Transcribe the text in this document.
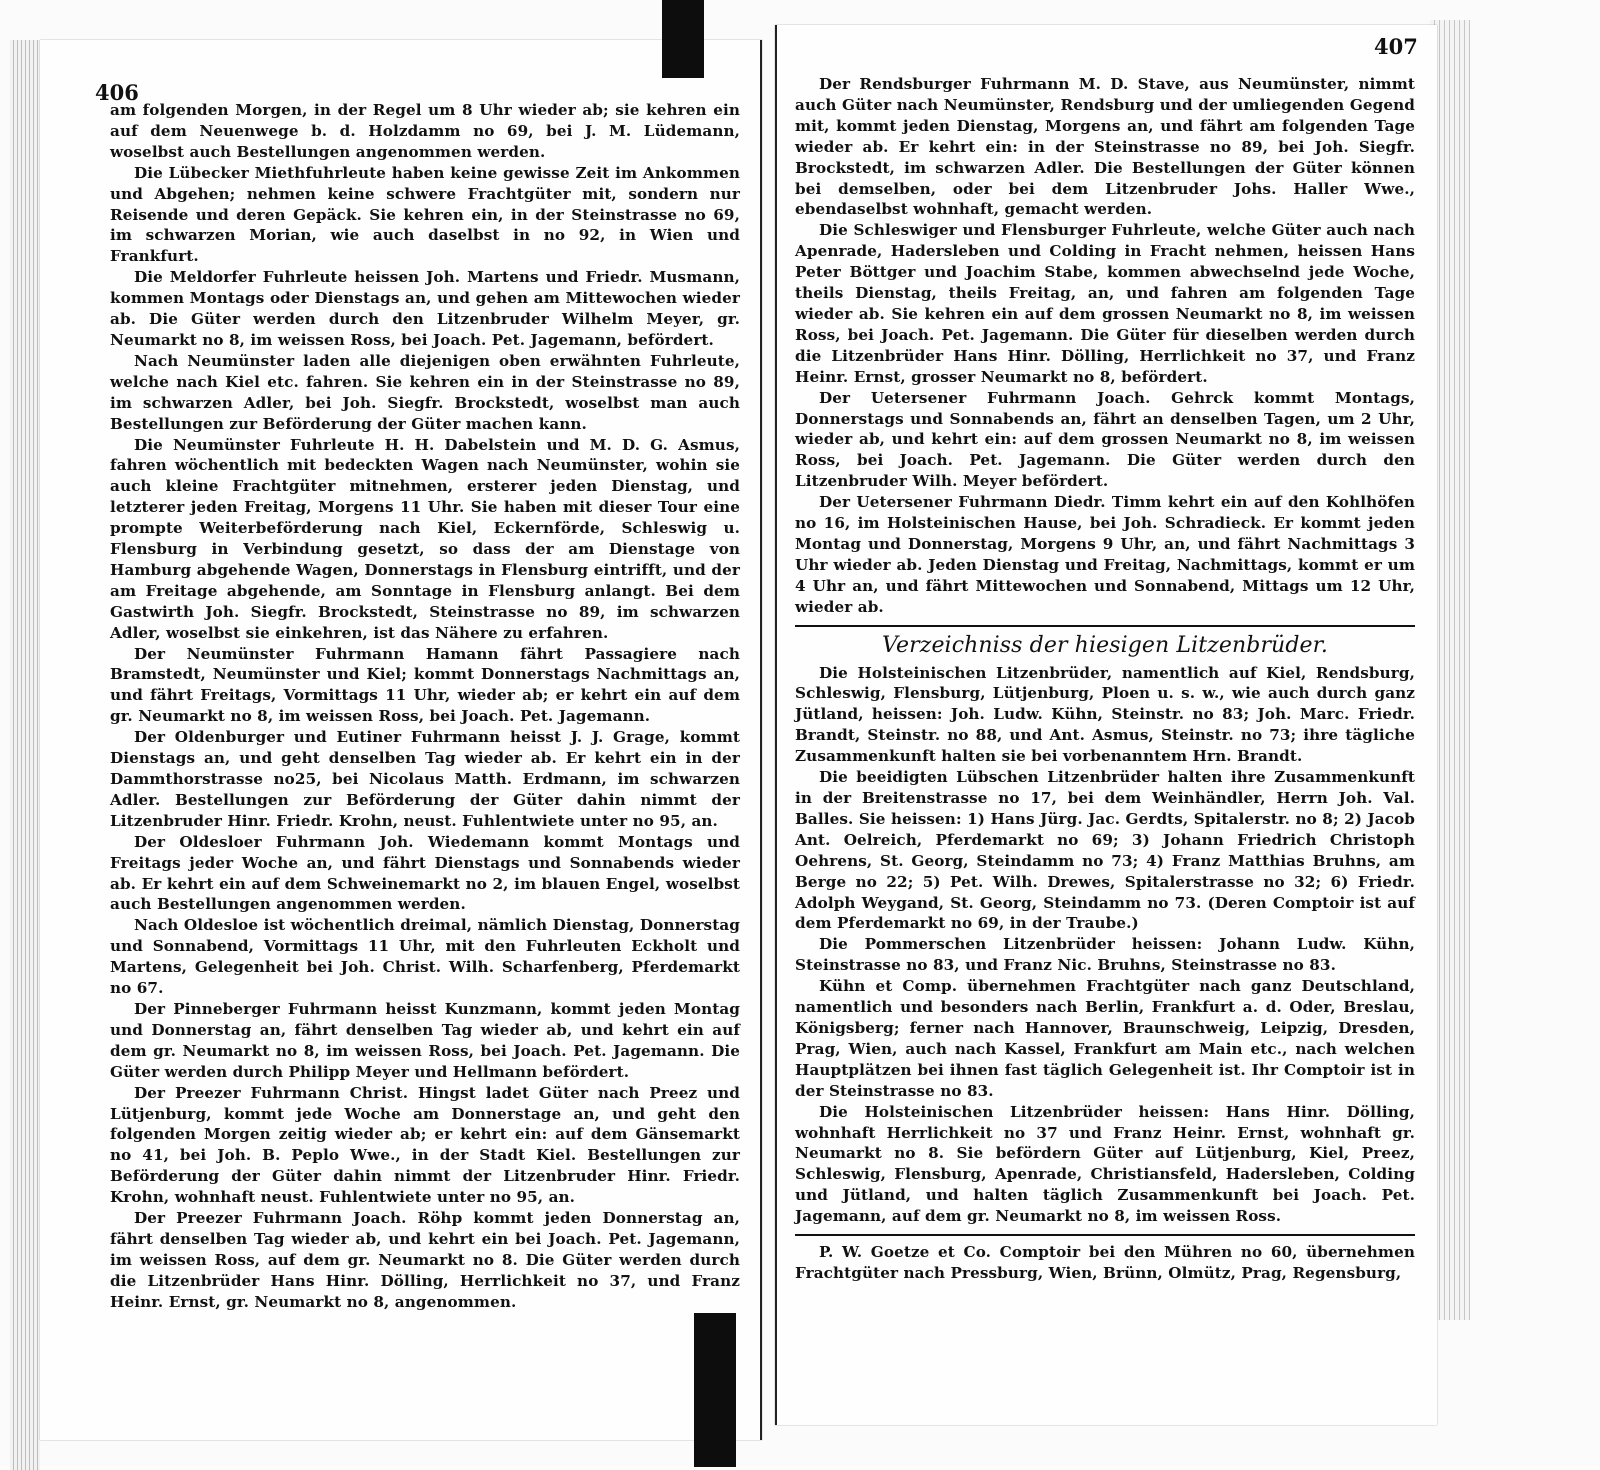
406
407

am folgenden Morgen, in der Regel um 8 Uhr wieder ab; sie kehren ein auf dem Neuenwege b. d. Holzdamm no 69, bei J. M. Lüdemann, woselbst auch Bestellungen angenommen werden.

Die Lübecker Miethfuhrleute haben keine gewisse Zeit im Ankommen und Abgehen; nehmen keine schwere Frachtgüter mit, sondern nur Reisende und deren Gepäck. Sie kehren ein, in der Steinstrasse no 69, im schwarzen Morian, wie auch daselbst in no 92, in Wien und Frankfurt.

Die Meldorfer Fuhrleute heissen Joh. Martens und Friedr. Musmann, kommen Montags oder Dienstags an, und gehen am Mittewochen wieder ab. Die Güter werden durch den Litzenbruder Wilhelm Meyer, gr. Neumarkt no 8, im weissen Ross, bei Joach. Pet. Jagemann, befördert.

Nach Neumünster laden alle diejenigen oben erwähnten Fuhrleute, welche nach Kiel etc. fahren. Sie kehren ein in der Steinstrasse no 89, im schwarzen Adler, bei Joh. Siegfr. Brockstedt, woselbst man auch Bestellungen zur Beförderung der Güter machen kann.

Die Neumünster Fuhrleute H. H. Dabelstein und M. D. G. Asmus, fahren wöchentlich mit bedeckten Wagen nach Neumünster, wohin sie auch kleine Frachtgüter mitnehmen, ersterer jeden Dienstag, und letzterer jeden Freitag, Morgens 11 Uhr. Sie haben mit dieser Tour eine prompte Weiterbeförderung nach Kiel, Eckernförde, Schleswig u. Flensburg in Verbindung gesetzt, so dass der am Dienstage von Hamburg abgehende Wagen, Donnerstags in Flensburg eintrifft, und der am Freitage abgehende, am Sonntage in Flensburg anlangt. Bei dem Gastwirth Joh. Siegfr. Brockstedt, Steinstrasse no 89, im schwarzen Adler, woselbst sie einkehren, ist das Nähere zu erfahren.

Der Neumünster Fuhrmann Hamann fährt Passagiere nach Bramstedt, Neumünster und Kiel; kommt Donnerstags Nachmittags an, und fährt Freitags, Vormittags 11 Uhr, wieder ab; er kehrt ein auf dem gr. Neumarkt no 8, im weissen Ross, bei Joach. Pet. Jagemann.

Der Oldenburger und Eutiner Fuhrmann heisst J. J. Grage, kommt Dienstags an, und geht denselben Tag wieder ab. Er kehrt ein in der Dammthorstrasse no25, bei Nicolaus Matth. Erdmann, im schwarzen Adler. Bestellungen zur Beförderung der Güter dahin nimmt der Litzenbruder Hinr. Friedr. Krohn, neust. Fuhlentwiete unter no 95, an.

Der Oldesloer Fuhrmann Joh. Wiedemann kommt Montags und Freitags jeder Woche an, und fährt Dienstags und Sonnabends wieder ab. Er kehrt ein auf dem Schweinemarkt no 2, im blauen Engel, woselbst auch Bestellungen angenommen werden.

Nach Oldesloe ist wöchentlich dreimal, nämlich Dienstag, Donnerstag und Sonnabend, Vormittags 11 Uhr, mit den Fuhrleuten Eckholt und Martens, Gelegenheit bei Joh. Christ. Wilh. Scharfenberg, Pferdemarkt no 67.

Der Pinneberger Fuhrmann heisst Kunzmann, kommt jeden Montag und Donnerstag an, fährt denselben Tag wieder ab, und kehrt ein auf dem gr. Neumarkt no 8, im weissen Ross, bei Joach. Pet. Jagemann. Die Güter werden durch Philipp Meyer und Hellmann befördert.

Der Preezer Fuhrmann Christ. Hingst ladet Güter nach Preez und Lütjenburg, kommt jede Woche am Donnerstage an, und geht den folgenden Morgen zeitig wieder ab; er kehrt ein: auf dem Gänsemarkt no 41, bei Joh. B. Peplo Wwe., in der Stadt Kiel. Bestellungen zur Beförderung der Güter dahin nimmt der Litzenbruder Hinr. Friedr. Krohn, wohnhaft neust. Fuhlentwiete unter no 95, an.

Der Preezer Fuhrmann Joach. Röhp kommt jeden Donnerstag an, fährt denselben Tag wieder ab, und kehrt ein bei Joach. Pet. Jagemann, im weissen Ross, auf dem gr. Neumarkt no 8. Die Güter werden durch die Litzenbrüder Hans Hinr. Dölling, Herrlichkeit no 37, und Franz Heinr. Ernst, gr. Neumarkt no 8, angenommen.

Der Rendsburger Fuhrmann M. D. Stave, aus Neumünster, nimmt auch Güter nach Neumünster, Rendsburg und der umliegenden Gegend mit, kommt jeden Dienstag, Morgens an, und fährt am folgenden Tage wieder ab. Er kehrt ein: in der Steinstrasse no 89, bei Joh. Siegfr. Brockstedt, im schwarzen Adler. Die Bestellungen der Güter können bei demselben, oder bei dem Litzenbruder Johs. Haller Wwe., ebendaselbst wohnhaft, gemacht werden.

Die Schleswiger und Flensburger Fuhrleute, welche Güter auch nach Apenrade, Hadersleben und Colding in Fracht nehmen, heissen Hans Peter Böttger und Joachim Stabe, kommen abwechselnd jede Woche, theils Dienstag, theils Freitag, an, und fahren am folgenden Tage wieder ab. Sie kehren ein auf dem grossen Neumarkt no 8, im weissen Ross, bei Joach. Pet. Jagemann. Die Güter für dieselben werden durch die Litzenbrüder Hans Hinr. Dölling, Herrlichkeit no 37, und Franz Heinr. Ernst, grosser Neumarkt no 8, befördert.

Der Uetersener Fuhrmann Joach. Gehrck kommt Montags, Donnerstags und Sonnabends an, fährt an denselben Tagen, um 2 Uhr, wieder ab, und kehrt ein: auf dem grossen Neumarkt no 8, im weissen Ross, bei Joach. Pet. Jagemann. Die Güter werden durch den Litzenbruder Wilh. Meyer befördert.

Der Uetersener Fuhrmann Diedr. Timm kehrt ein auf den Kohlhöfen no 16, im Holsteinischen Hause, bei Joh. Schradieck. Er kommt jeden Montag und Donnerstag, Morgens 9 Uhr, an, und fährt Nachmittags 3 Uhr wieder ab. Jeden Dienstag und Freitag, Nachmittags, kommt er um 4 Uhr an, und fährt Mittewochen und Sonnabend, Mittags um 12 Uhr, wieder ab.

Verzeichniss der hiesigen Litzenbrüder.

Die Holsteinischen Litzenbrüder, namentlich auf Kiel, Rendsburg, Schleswig, Flensburg, Lütjenburg, Ploen u. s. w., wie auch durch ganz Jütland, heissen: Joh. Ludw. Kühn, Steinstr. no 83; Joh. Marc. Friedr. Brandt, Steinstr. no 88, und Ant. Asmus, Steinstr. no 73; ihre tägliche Zusammenkunft halten sie bei vorbenanntem Hrn. Brandt.

Die beeidigten Lübschen Litzenbrüder halten ihre Zusammenkunft in der Breitenstrasse no 17, bei dem Weinhändler, Herrn Joh. Val. Balles. Sie heissen: 1) Hans Jürg. Jac. Gerdts, Spitalerstr. no 8; 2) Jacob Ant. Oelreich, Pferdemarkt no 69; 3) Johann Friedrich Christoph Oehrens, St. Georg, Steindamm no 73; 4) Franz Matthias Bruhns, am Berge no 22; 5) Pet. Wilh. Drewes, Spitalerstrasse no 32; 6) Friedr. Adolph Weygand, St. Georg, Steindamm no 73. (Deren Comptoir ist auf dem Pferdemarkt no 69, in der Traube.)

Die Pommerschen Litzenbrüder heissen: Johann Ludw. Kühn, Steinstrasse no 83, und Franz Nic. Bruhns, Steinstrasse no 83.

Kühn et Comp. übernehmen Frachtgüter nach ganz Deutschland, namentlich und besonders nach Berlin, Frankfurt a. d. Oder, Breslau, Königsberg; ferner nach Hannover, Braunschweig, Leipzig, Dresden, Prag, Wien, auch nach Kassel, Frankfurt am Main etc., nach welchen Hauptplätzen bei ihnen fast täglich Gelegenheit ist. Ihr Comptoir ist in der Steinstrasse no 83.

Die Holsteinischen Litzenbrüder heissen: Hans Hinr. Dölling, wohnhaft Herrlichkeit no 37 und Franz Heinr. Ernst, wohnhaft gr. Neumarkt no 8. Sie befördern Güter auf Lütjenburg, Kiel, Preez, Schleswig, Flensburg, Apenrade, Christiansfeld, Hadersleben, Colding und Jütland, und halten täglich Zusammenkunft bei Joach. Pet. Jagemann, auf dem gr. Neumarkt no 8, im weissen Ross.

P. W. Goetze et Co. Comptoir bei den Mühren no 60, übernehmen Frachtgüter nach Pressburg, Wien, Brünn, Olmütz, Prag, Regensburg,
